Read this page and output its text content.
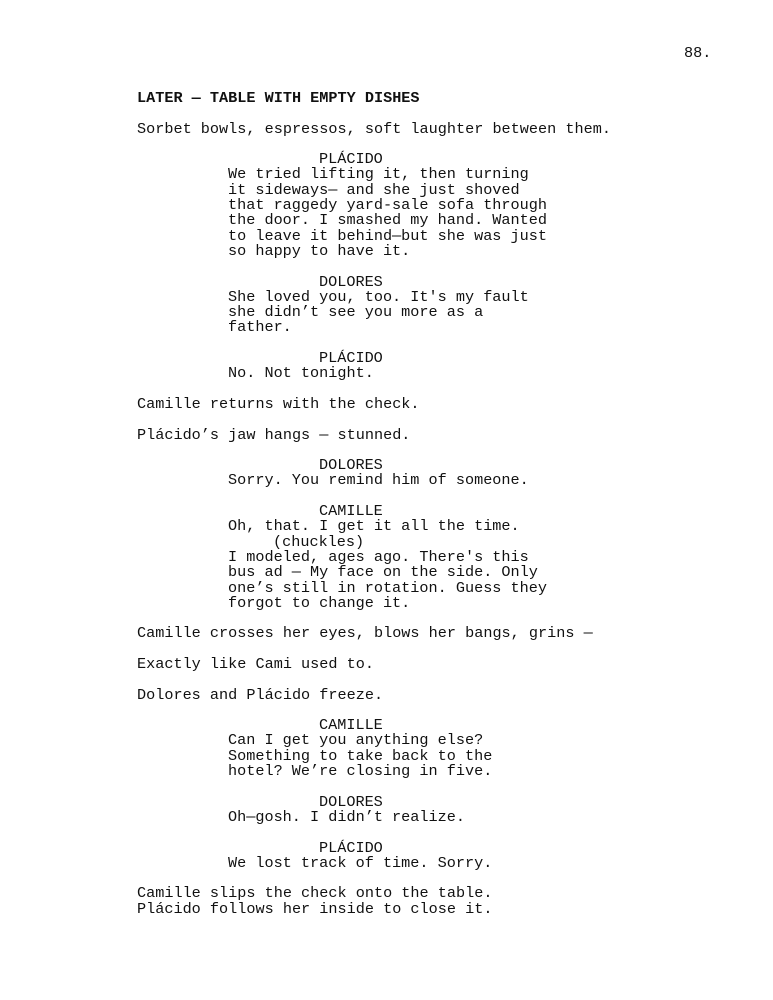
88.
LATER — TABLE WITH EMPTY DISHES
Sorbet bowls, espressos, soft laughter between them.
PLÁCIDO
We tried lifting it, then turning
it sideways— and she just shoved
that raggedy yard-sale sofa through
the door. I smashed my hand. Wanted
to leave it behind—but she was just
so happy to have it.
DOLORES
She loved you, too. It's my fault
she didn’t see you more as a
father.
PLÁCIDO
No. Not tonight.
Camille returns with the check.
Plácido’s jaw hangs — stunned.
DOLORES
Sorry. You remind him of someone.
CAMILLE
Oh, that. I get it all the time.
(chuckles)
I modeled, ages ago. There's this
bus ad — My face on the side. Only
one’s still in rotation. Guess they
forgot to change it.
Camille crosses her eyes, blows her bangs, grins —
Exactly like Cami used to.
Dolores and Plácido freeze.
CAMILLE
Can I get you anything else?
Something to take back to the
hotel? We’re closing in five.
DOLORES
Oh—gosh. I didn’t realize.
PLÁCIDO
We lost track of time. Sorry.
Camille slips the check onto the table.
Plácido follows her inside to close it.
